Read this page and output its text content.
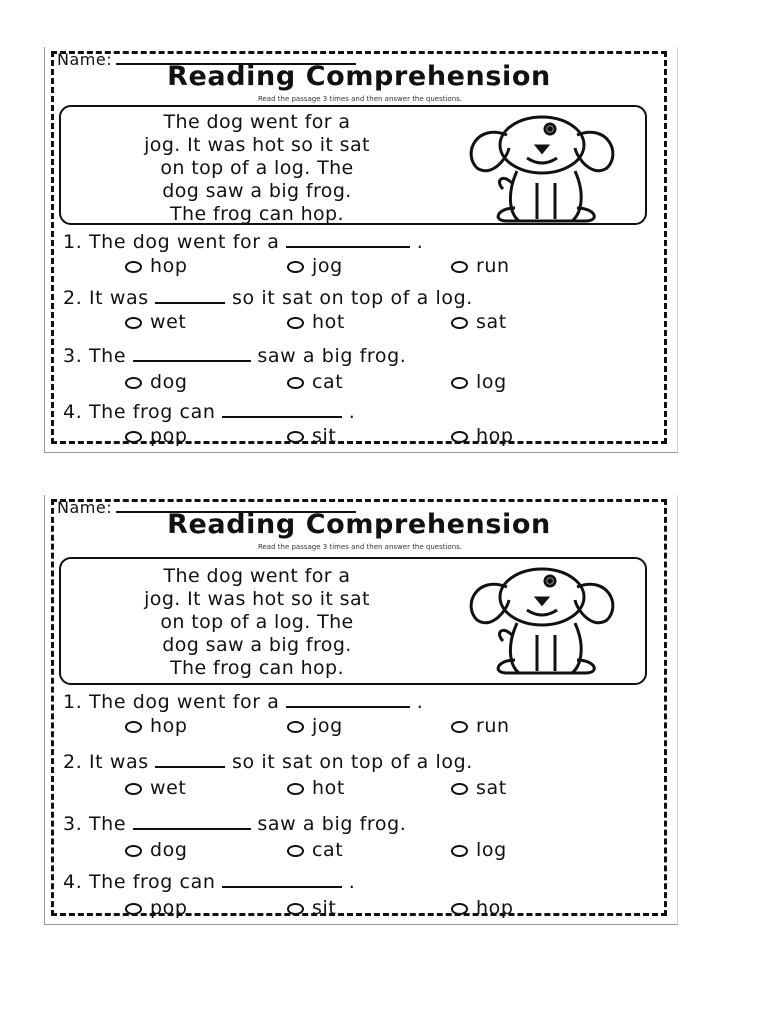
Name:
Reading Comprehension
Read the passage 3 times and then answer the questions.
The dog went for a
jog. It was hot so it sat
on top of a log. The
dog saw a big frog.
The frog can hop.
1. The dog went for a	.
hop	jog	run
2. It was	so it sat on top of a log.
wet	hot	sat
3. The	saw a big frog.
dog	cat	log
4. The frog can	.
pop	sit	hop
Name:
Reading Comprehension
Read the passage 3 times and then answer the questions.
The dog went for a
jog. It was hot so it sat
on top of a log. The
dog saw a big frog.
The frog can hop.
1. The dog went for a	.
hop	jog	run
2. It was	so it sat on top of a log.
wet	hot	sat
3. The	saw a big frog.
dog	cat	log
4. The frog can	.
pop	sit	hop
